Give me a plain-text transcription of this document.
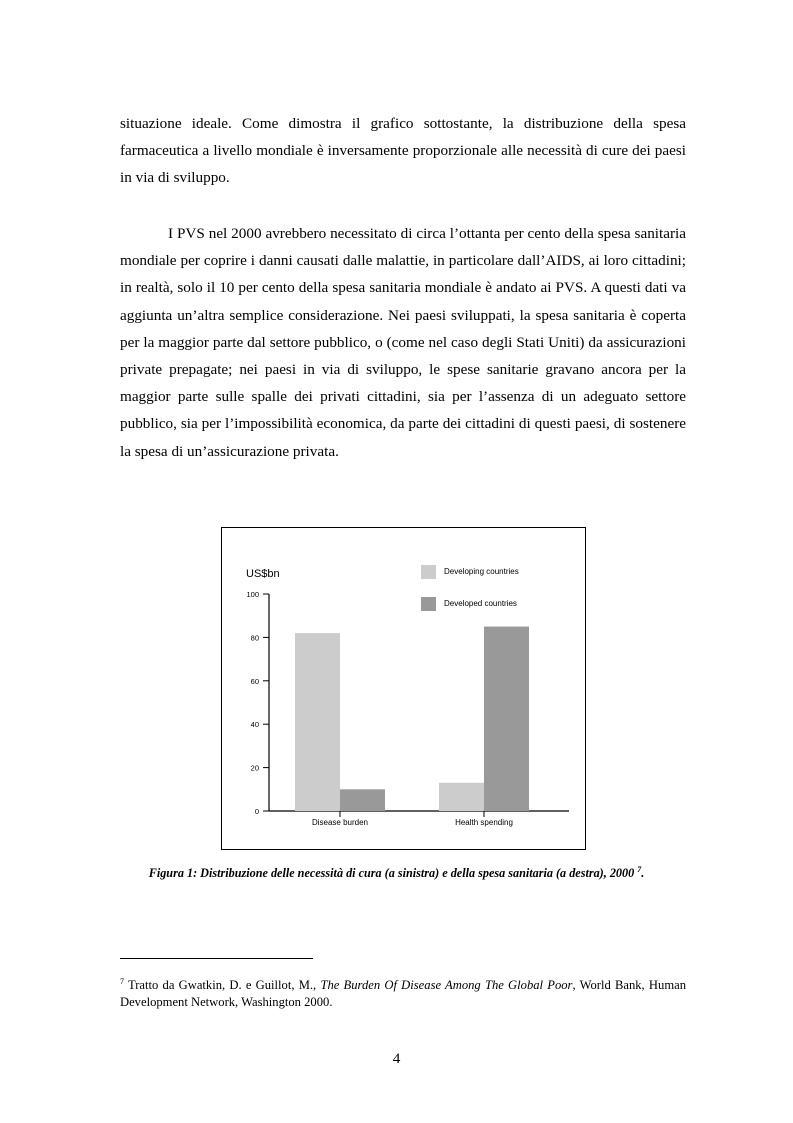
situazione ideale. Come dimostra il grafico sottostante, la distribuzione della spesa farmaceutica a livello mondiale è inversamente proporzionale alle necessità di cure dei paesi in via di sviluppo.

I PVS nel 2000 avrebbero necessitato di circa l’ottanta per cento della spesa sanitaria mondiale per coprire i danni causati dalle malattie, in particolare dall’AIDS, ai loro cittadini; in realtà, solo il 10 per cento della spesa sanitaria mondiale è andato ai PVS. A questi dati va aggiunta un’altra semplice considerazione. Nei paesi sviluppati, la spesa sanitaria è coperta per la maggior parte dal settore pubblico, o (come nel caso degli Stati Uniti) da assicurazioni private prepagate; nei paesi in via di sviluppo, le spese sanitarie gravano ancora per la maggior parte sulle spalle dei privati cittadini, sia per l’assenza di un adeguato settore pubblico, sia per l’impossibilità economica, da parte dei cittadini di questi paesi, di sostenere la spesa di un’assicurazione privata.

US$bn
0
20
40
60
80
100
Disease burden	Health spending
Developing countries
Developed countries

Figura 1: Distribuzione delle necessità di cura (a sinistra) e della spesa sanitaria (a destra), 2000 $^7$.

$^7$ Tratto da Gwatkin, D. e Guillot, M., The Burden Of Disease Among The Global Poor, World Bank, Human Development Network, Washington 2000.

4
